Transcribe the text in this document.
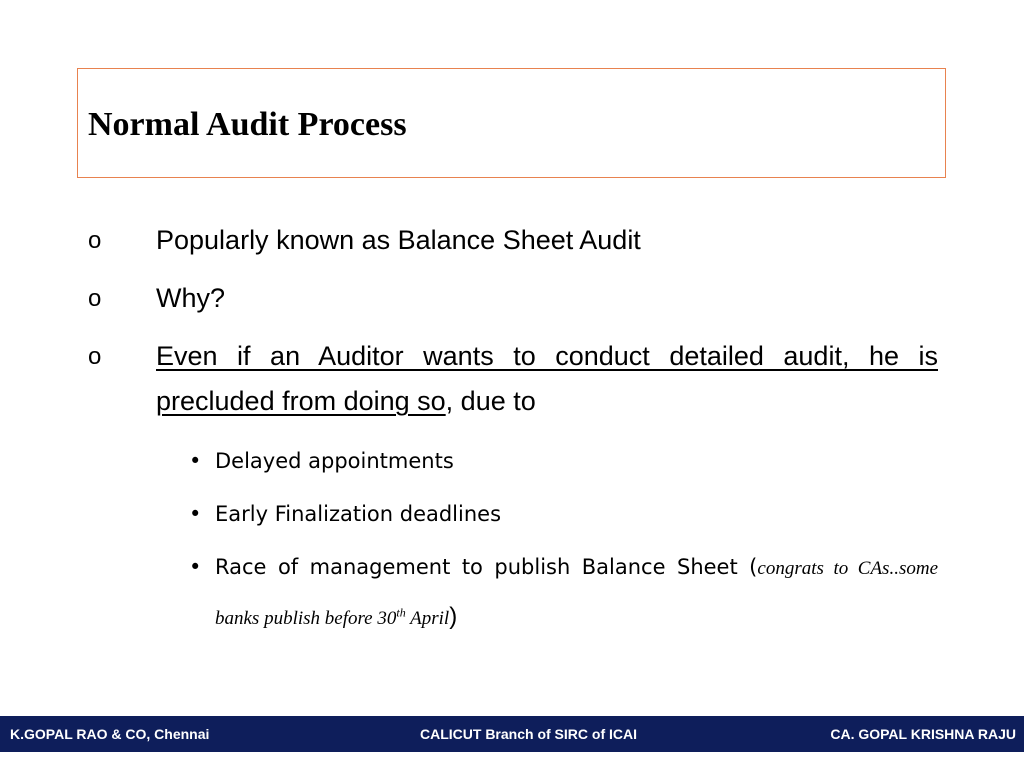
Normal Audit Process
o Popularly known as Balance Sheet Audit
o Why?
o Even if an Auditor wants to conduct detailed audit, he is precluded from doing so, due to
• Delayed appointments
• Early Finalization deadlines
• Race of management to publish Balance Sheet (congrats to CAs..some banks publish before 30th April)
K.GOPAL RAO & CO, Chennai	CALICUT Branch of SIRC of ICAI	CA. GOPAL KRISHNA RAJU
